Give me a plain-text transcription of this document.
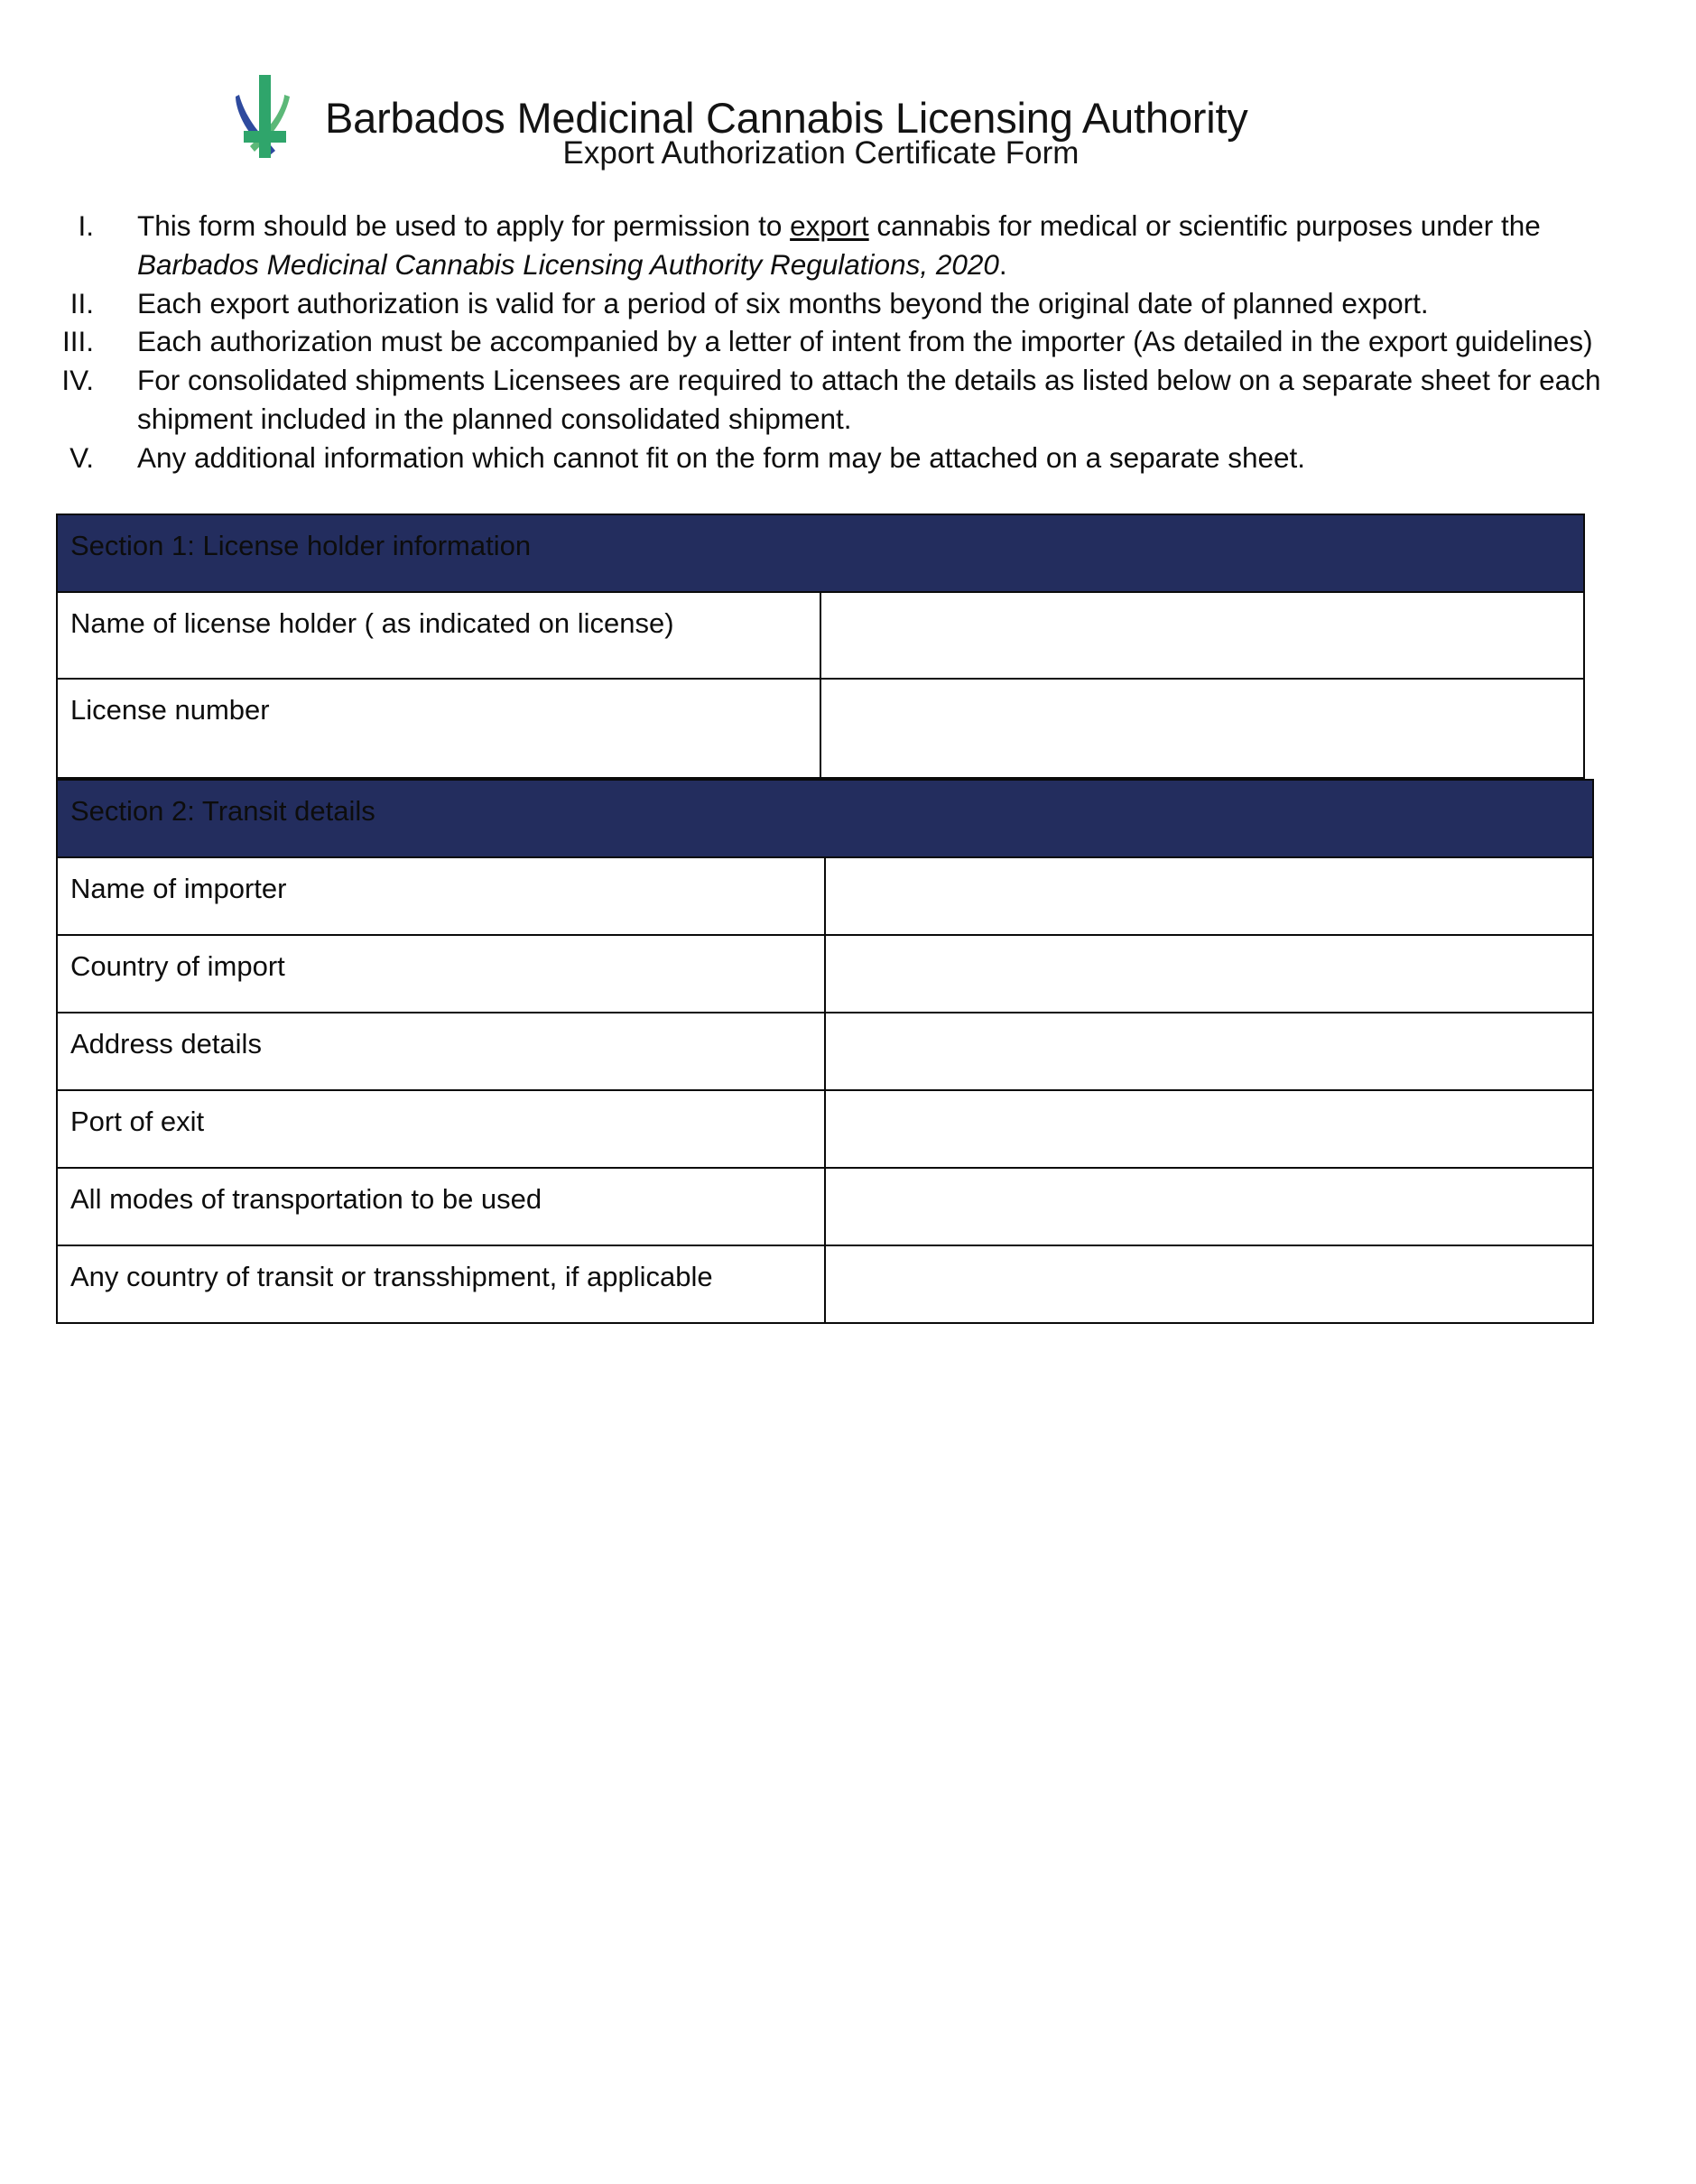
Barbados Medicinal Cannabis Licensing Authority
Export Authorization Certificate Form
I.	This form should be used to apply for permission to export cannabis for medical or scientific purposes under the Barbados Medicinal Cannabis Licensing Authority Regulations, 2020.
II.	Each export authorization is valid for a period of six months beyond the original date of planned export.
III.	Each authorization must be accompanied by a letter of intent from the importer (As detailed in the export guidelines)
IV.	For consolidated shipments Licensees are required to attach the details as listed below on a separate sheet for each shipment included in the planned consolidated shipment.
V.	Any additional information which cannot fit on the form may be attached on a separate sheet.
Section 1: License holder information	

Name of license holder ( as indicated on license)	
License number	
Section 2: Transit details	

Name of importer	
Country of import	
Address details	
Port of exit	
All modes of transportation to be used	
Any country of transit or transshipment, if applicable	
